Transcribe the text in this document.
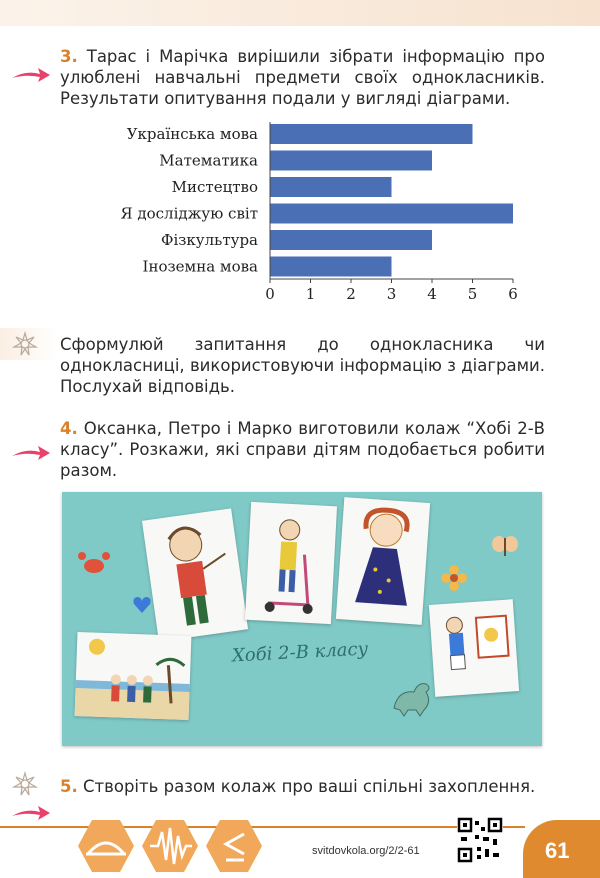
3. Тарас і Марічка вирішили зібрати інформацію про улюблені навчальні предмети своїх однокласників. Результати опитування подали у вигляді діаграми.
Українська мова
Математика
Мистецтво
Я досліджую світ
Фізкультура
Іноземна мова
0 1 2 3 4 5 6
Сформулюй запитання до однокласника чи однокласниці, використовуючи інформацію з діаграми. Послухай відповідь.
4. Оксанка, Петро і Марко виготовили колаж “Хобі 2-В класу”. Розкажи, які справи дітям подобається робити разом.
Хобі 2-В класу
5. Створіть разом колаж про ваші спільні захоплення.
svitdovkola.org/2/2-61	61
